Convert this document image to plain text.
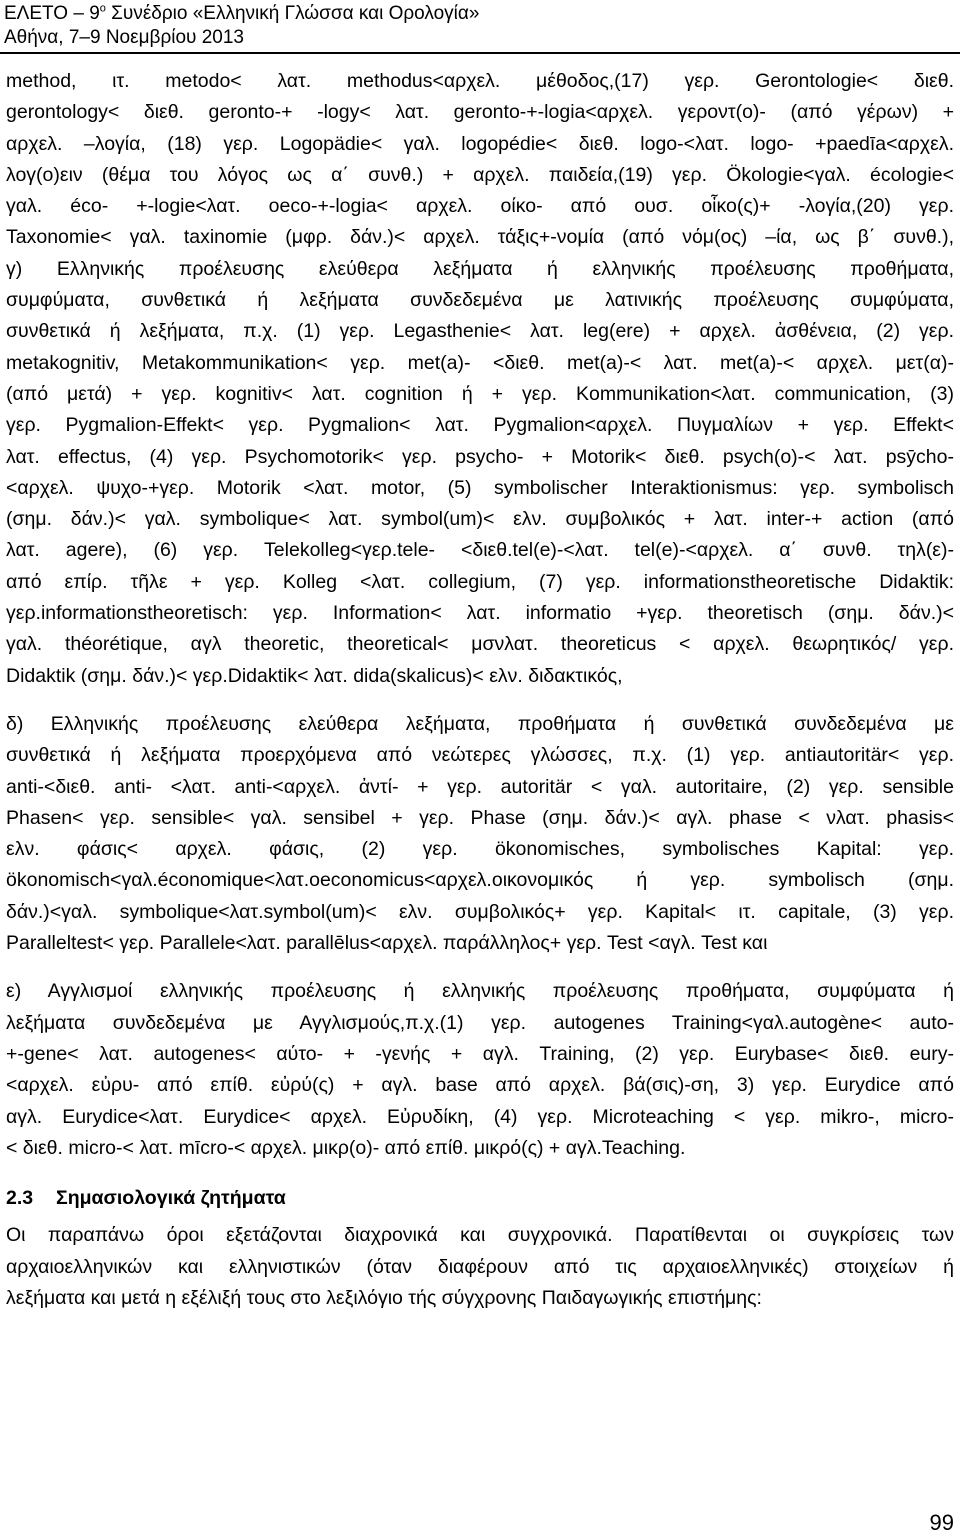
ΕΛΕΤΟ – $9^o$ Συνέδριο «Ελληνική Γλώσσα και Ορολογία»
Αθήνα, 7–9 Νοεμβρίου 2013
method, ιτ. metodo< λατ. methodus<αρχελ. μέθοδος,(17) γερ. Gerontologie< διεθ.
gerontology< διεθ. geronto-+ -logy< λατ. geronto-+-logia<αρχελ. γεροντ(ο)- (από γέρων) +
αρχελ. –λογία, (18) γερ. Logopädie< γαλ. logopédie< διεθ. logo-<λατ. logo- +paedīa<αρχελ.
λογ(ο)ειν (θέμα του λόγος ως α΄ συνθ.) + αρχελ. παιδεία,(19) γερ. Ökologie<γαλ. écologie<
γαλ. éco- +-logie<λατ. oeco-+-logia< αρχελ. οίκο- από ουσ. οἶκο(ς)+ -λογία,(20) γερ.
Taxonomie< γαλ. taxinomie (μφρ. δάν.)< αρχελ. τάξις+-νομία (από νόμ(ος) –ία, ως β΄ συνθ.),
γ) Ελληνικής προέλευσης ελεύθερα λεξήματα ή ελληνικής προέλευσης προθήματα,
συμφύματα, συνθετικά ή λεξήματα συνδεδεμένα με λατινικής προέλευσης συμφύματα,
συνθετικά ή λεξήματα, π.χ. (1) γερ. Legasthenie< λατ. leg(ere) + αρχελ. ἀσθένεια, (2) γερ.
metakognitiv, Metakommunikation< γερ. met(a)- <διεθ. met(a)-< λατ. met(a)-< αρχελ. μετ(α)-
(από μετά) + γερ. kognitiv< λατ. cognition ή + γερ. Kommunikation<λατ. communication, (3)
γερ. Pygmalion-Effekt< γερ. Pygmalion< λατ. Pygmalion<αρχελ. Πυγμαλίων + γερ. Effekt<
λατ. effectus, (4) γερ. Psychomotorik< γερ. psycho- + Motorik< διεθ. psych(o)-< λατ. psȳcho-
<αρχελ. ψυχο-+γερ. Motorik <λατ. motor, (5) symbolischer Interaktionismus: γερ. symbolisch
(σημ. δάν.)< γαλ. symbolique< λατ. symbol(um)< ελν. συμβολικός + λατ. inter-+ action (από
λατ. agere), (6) γερ. Telekolleg<γερ.tele- <διεθ.tel(e)-<λατ. tel(e)-<αρχελ. α΄ συνθ. τηλ(ε)-
από επίρ. τῆλε + γερ. Kolleg <λατ. collegium, (7) γερ. informationstheoretische Didaktik:
γερ.informationstheoretisch: γερ. Information< λατ. informatio +γερ. theoretisch (σημ. δάν.)<
γαλ. théorétique, αγλ theoretic, theoretical< μσνλατ. theoreticus < αρχελ. θεωρητικός/ γερ.
Didaktik (σημ. δάν.)< γερ.Didaktik< λατ. dida(skalicus)< ελν. διδακτικός,
δ) Ελληνικής προέλευσης ελεύθερα λεξήματα, προθήματα ή συνθετικά συνδεδεμένα με
συνθετικά ή λεξήματα προερχόμενα από νεώτερες γλώσσες, π.χ. (1) γερ. antiautoritär< γερ.
anti-<διεθ. anti- <λατ. anti-<αρχελ. ἀντί- + γερ. autoritär < γαλ. autoritaire, (2) γερ. sensible
Phasen< γερ. sensible< γαλ. sensibel + γερ. Phase (σημ. δάν.)< αγλ. phase < νλατ. phasis<
ελν. φάσις< αρχελ. φάσις, (2) γερ. ökonomisches, symbolisches Kapital: γερ.
ökonomisch<γαλ.économique<λατ.oeconomicus<αρχελ.οικονομικός ή γερ. symbolisch (σημ.
δάν.)<γαλ. symbolique<λατ.symbol(um)< ελν. συμβολικός+ γερ. Kapital< ιτ. capitale, (3) γερ.
Paralleltest< γερ. Parallele<λατ. parallēlus<αρχελ. παράλληλος+ γερ. Test <αγλ. Test και
ε) Αγγλισμοί ελληνικής προέλευσης ή ελληνικής προέλευσης προθήματα, συμφύματα ή
λεξήματα συνδεδεμένα με Αγγλισμούς,π.χ.(1) γερ. autogenes Training<γαλ.autogène< auto-
+-gene< λατ. autogenes< αύτο- + -γενής + αγλ. Training, (2) γερ. Eurybase< διεθ. eury-
<αρχελ. εὐρυ- από επίθ. εὐρύ(ς) + αγλ. base από αρχελ. βά(σις)-ση, 3) γερ. Eurydice από
αγλ. Eurydice<λατ. Eurydice< αρχελ. Εὐρυδίκη, (4) γερ. Microteaching < γερ. mikro-, micro-
< διεθ. micro-< λατ. mīcro-< αρχελ. μικρ(ο)- από επίθ. μικρό(ς) + αγλ.Teaching.
2.3 Σημασιολογικά ζητήματα
Οι παραπάνω όροι εξετάζονται διαχρονικά και συγχρονικά. Παρατίθενται οι συγκρίσεις των
αρχαιοελληνικών και ελληνιστικών (όταν διαφέρουν από τις αρχαιοελληνικές) στοιχείων ή
λεξήματα και μετά η εξέλιξή τους στο λεξιλόγιο τής σύγχρονης Παιδαγωγικής επιστήμης:
99
